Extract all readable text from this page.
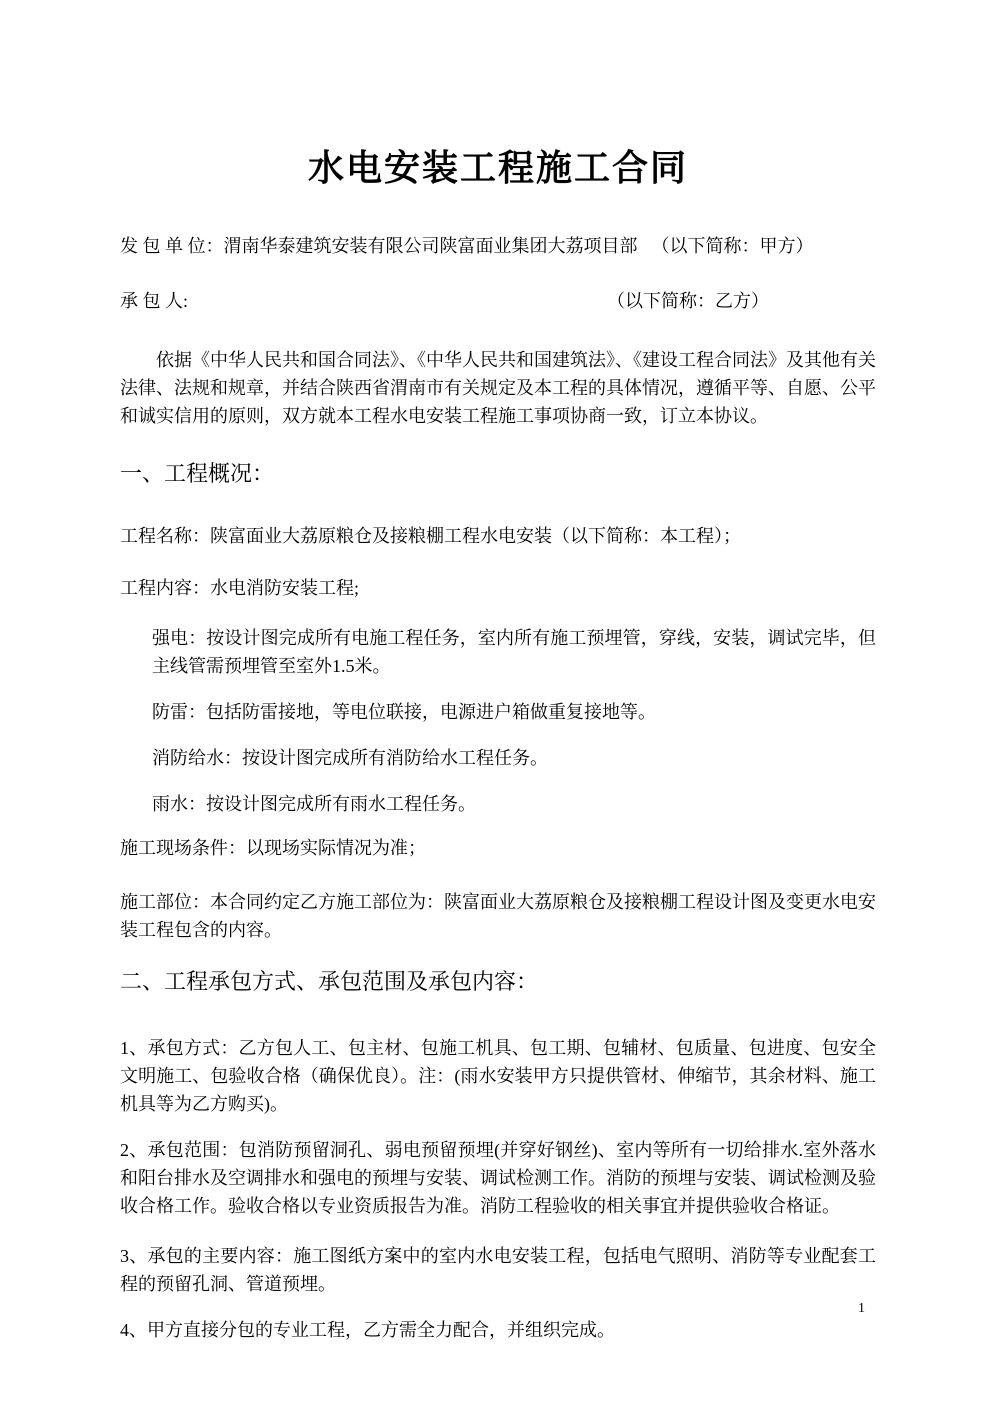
水电安装工程施工合同
发 包 单 位：渭南华泰建筑安装有限公司陕富面业集团大荔项目部 （以下简称：甲方）
承 包 人:	（以下简称：乙方）

依据《中华人民共和国合同法》、《中华人民共和国建筑法》、《建设工程合同法》及其他有关法律、法规和规章，并结合陕西省渭南市有关规定及本工程的具体情况，遵循平等、自愿、公平和诚实信用的原则，双方就本工程水电安装工程施工事项协商一致，订立本协议。

一、工程概况：

工程名称：陕富面业大荔原粮仓及接粮棚工程水电安装（以下简称：本工程）；

工程内容：水电消防安装工程;

强电：按设计图完成所有电施工程任务，室内所有施工预埋管，穿线，安装，调试完毕，但主线管需预埋管至室外1.5米。

防雷：包括防雷接地，等电位联接，电源进户箱做重复接地等。

消防给水：按设计图完成所有消防给水工程任务。

雨水：按设计图完成所有雨水工程任务。

施工现场条件：以现场实际情况为准；

施工部位：本合同约定乙方施工部位为：陕富面业大荔原粮仓及接粮棚工程设计图及变更水电安装工程包含的内容。

二、工程承包方式、承包范围及承包内容：

1、承包方式：乙方包人工、包主材、包施工机具、包工期、包辅材、包质量、包进度、包安全文明施工、包验收合格（确保优良）。注：(雨水安装甲方只提供管材、伸缩节，其余材料、施工机具等为乙方购买)。

2、承包范围：包消防预留洞孔、弱电预留预埋(并穿好钢丝)、室内等所有一切给排水.室外落水和阳台排水及空调排水和强电的预埋与安装、调试检测工作。消防的预埋与安装、调试检测及验收合格工作。验收合格以专业资质报告为准。消防工程验收的相关事宜并提供验收合格证。

3、承包的主要内容：施工图纸方案中的室内水电安装工程，包括电气照明、消防等专业配套工程的预留孔洞、管道预埋。

4、甲方直接分包的专业工程，乙方需全力配合，并组织完成。

1
